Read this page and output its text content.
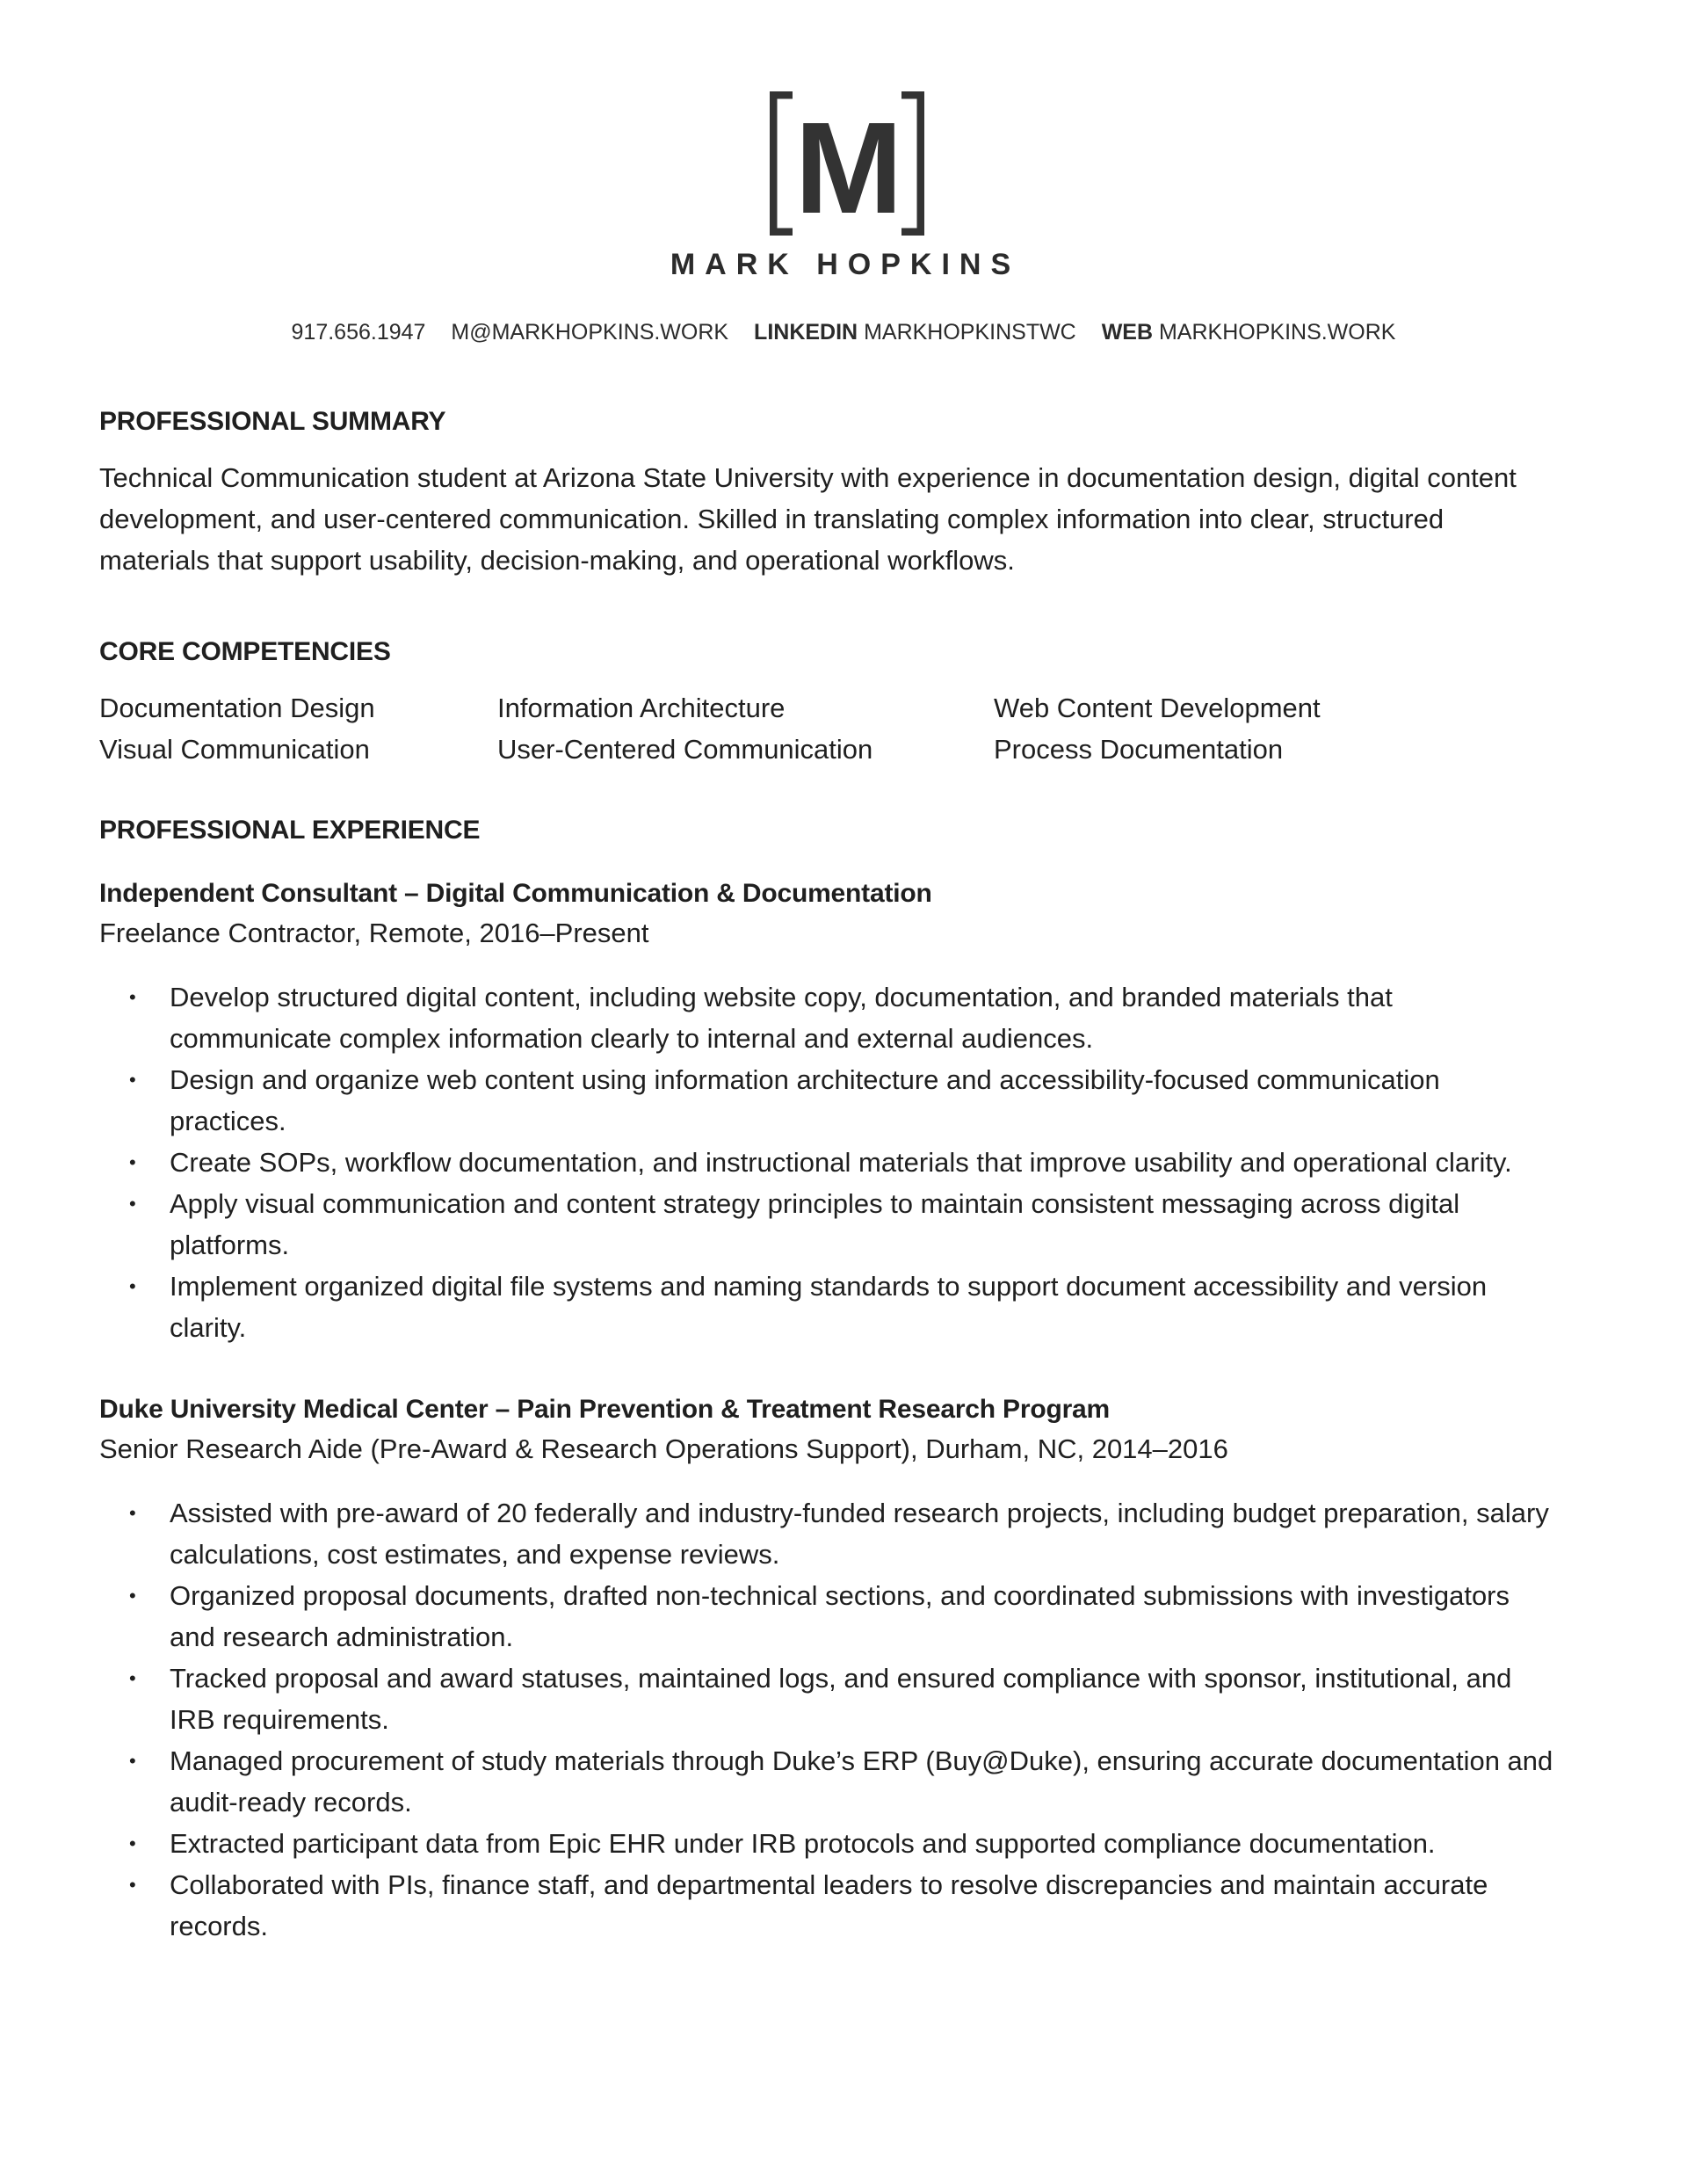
M
MARK HOPKINS
917.656.1947 M@MARKHOPKINS.WORK LINKEDIN MARKHOPKINSTWC WEB MARKHOPKINS.WORK
PROFESSIONAL SUMMARY

Technical Communication student at Arizona State University with experience in documentation design, digital content development, and user-centered communication. Skilled in translating complex information into clear, structured materials that support usability, decision-making, and operational workflows.

CORE COMPETENCIES
Documentation Design	Information Architecture	Web Content Development
Visual Communication	User-Centered Communication	Process Documentation
PROFESSIONAL EXPERIENCE
Independent Consultant – Digital Communication & Documentation
Freelance Contractor, Remote, 2016–Present
• Develop structured digital content, including website copy, documentation, and branded materials that communicate complex information clearly to internal and external audiences.
• Design and organize web content using information architecture and accessibility-focused communication practices.
• Create SOPs, workflow documentation, and instructional materials that improve usability and operational clarity.
• Apply visual communication and content strategy principles to maintain consistent messaging across digital platforms.
• Implement organized digital file systems and naming standards to support document accessibility and version clarity.
Duke University Medical Center – Pain Prevention & Treatment Research Program
Senior Research Aide (Pre-Award & Research Operations Support), Durham, NC, 2014–2016
• Assisted with pre-award of 20 federally and industry-funded research projects, including budget preparation, salary calculations, cost estimates, and expense reviews.
• Organized proposal documents, drafted non-technical sections, and coordinated submissions with investigators and research administration.
• Tracked proposal and award statuses, maintained logs, and ensured compliance with sponsor, institutional, and IRB requirements.
• Managed procurement of study materials through Duke’s ERP (Buy@Duke), ensuring accurate documentation and audit-ready records.
• Extracted participant data from Epic EHR under IRB protocols and supported compliance documentation.
• Collaborated with PIs, finance staff, and departmental leaders to resolve discrepancies and maintain accurate records.
